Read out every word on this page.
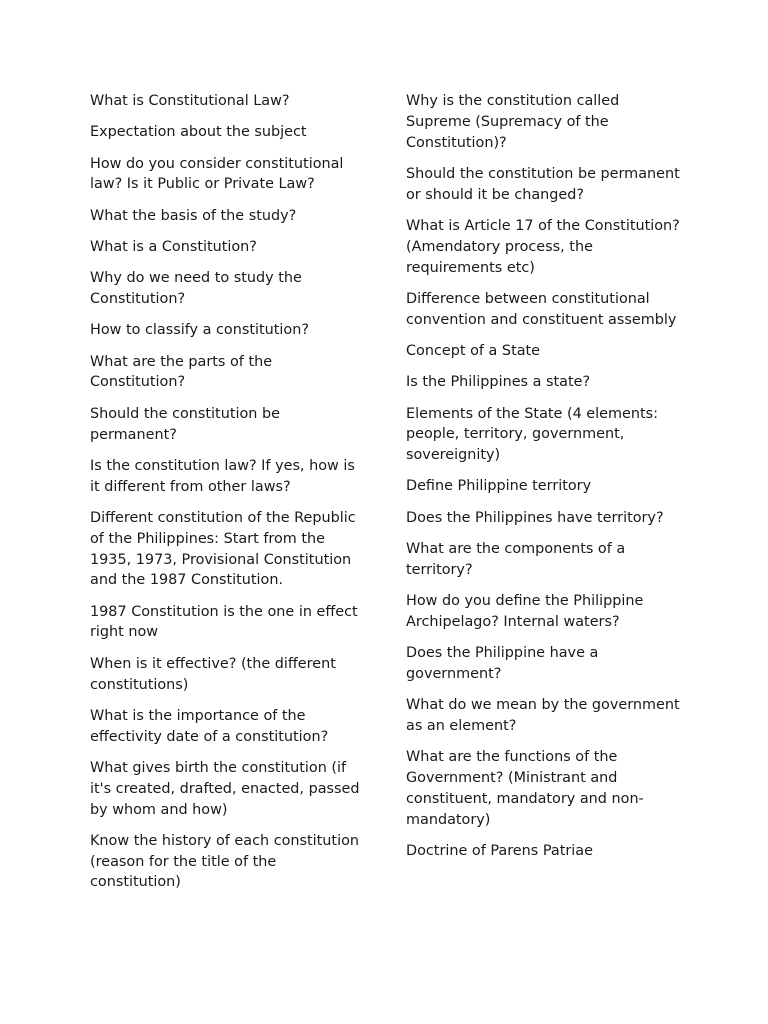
What is Constitutional Law?

Expectation about the subject

How do you consider constitutional law? Is it Public or Private Law?

What the basis of the study?

What is a Constitution?

Why do we need to study the Constitution?

How to classify a constitution?

What are the parts of the Constitution?

Should the constitution be permanent?

Is the constitution law? If yes, how is it different from other laws?

Different constitution of the Republic of the Philippines: Start from the 1935, 1973, Provisional Constitution and the 1987 Constitution.

1987 Constitution is the one in effect right now

When is it effective? (the different constitutions)

What is the importance of the effectivity date of a constitution?

What gives birth the constitution (if it's created, drafted, enacted, passed by whom and how)

Know the history of each constitution (reason for the title of the constitution)

Why is the constitution called Supreme (Supremacy of the Constitution)?

Should the constitution be permanent or should it be changed?

What is Article 17 of the Constitution? (Amendatory process, the requirements etc)

Difference between constitutional convention and constituent assembly

Concept of a State

Is the Philippines a state?

Elements of the State (4 elements: people, territory, government, sovereignity)

Define Philippine territory

Does the Philippines have territory?

What are the components of a territory?

How do you define the Philippine Archipelago? Internal waters?

Does the Philippine have a government?

What do we mean by the government as an element?

What are the functions of the Government? (Ministrant and constituent, mandatory and non-mandatory)

Doctrine of Parens Patriae
